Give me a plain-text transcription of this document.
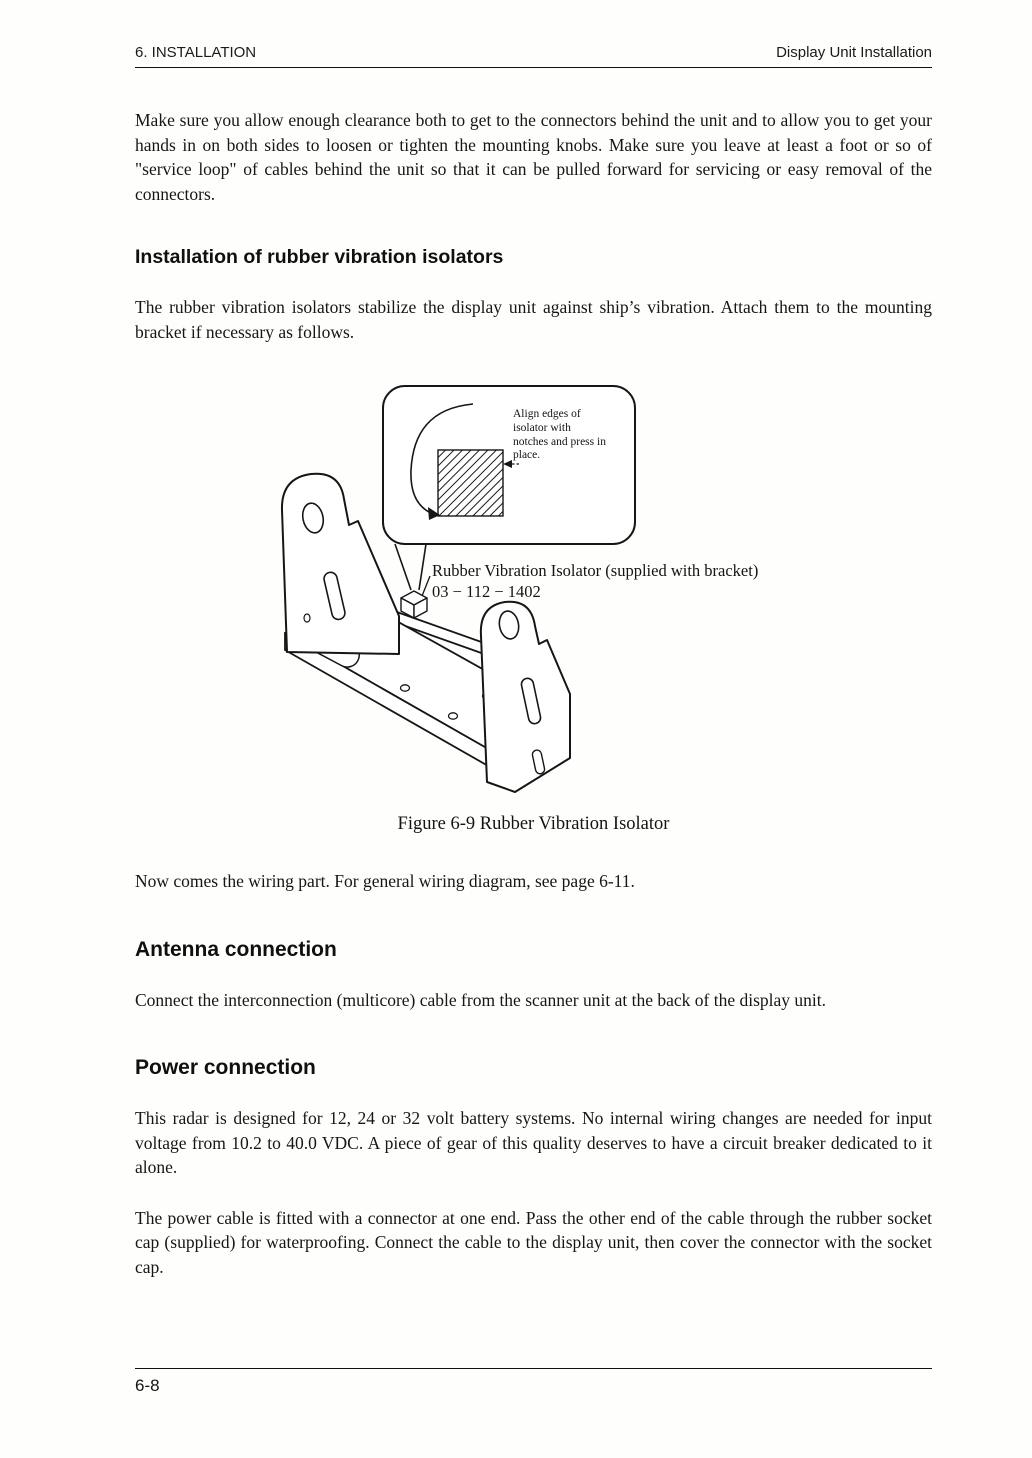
6. INSTALLATION	Display Unit Installation

Make sure you allow enough clearance both to get to the connectors behind the unit and to allow you to get your hands in on both sides to loosen or tighten the mounting knobs. Make sure you leave at least a foot or so of "service loop" of cables behind the unit so that it can be pulled forward for servicing or easy removal of the connectors.

Installation of rubber vibration isolators

The rubber vibration isolators stabilize the display unit against ship’s vibration. Attach them to the mounting bracket if necessary as follows.

Align edges of isolator with notches and press in place.
Rubber Vibration Isolator (supplied with bracket)
03 − 112 − 1402
Figure 6-9 Rubber Vibration Isolator

Now comes the wiring part. For general wiring diagram, see page 6-11.

Antenna connection

Connect the interconnection (multicore) cable from the scanner unit at the back of the display unit.

Power connection

This radar is designed for 12, 24 or 32 volt battery systems. No internal wiring changes are needed for input voltage from 10.2 to 40.0 VDC. A piece of gear of this quality deserves to have a circuit breaker dedicated to it alone.

The power cable is fitted with a connector at one end. Pass the other end of the cable through the rubber socket cap (supplied) for waterproofing. Connect the cable to the display unit, then cover the connector with the socket cap.

6-8
